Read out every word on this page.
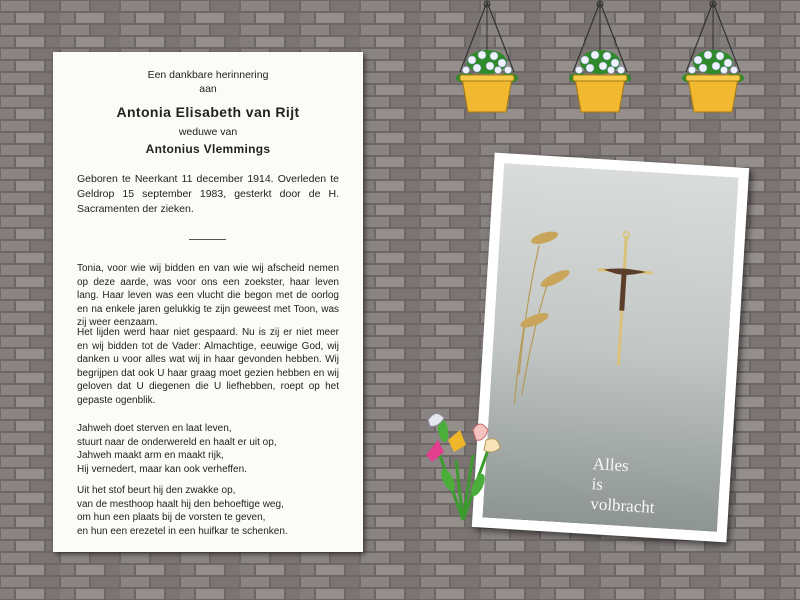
Een dankbare herinnering
aan
Antonia Elisabeth van Rijt
weduwe van
Antonius Vlemmings
Geboren te Neerkant 11 december 1914. Overleden te Geldrop 15 september 1983, gesterkt door de H. Sacramenten der zieken.
Tonia, voor wie wij bidden en van wie wij afscheid nemen op deze aarde, was voor ons een zoekster, haar leven lang. Haar leven was een vlucht die begon met de oorlog en na enkele jaren gelukkig te zijn geweest met Toon, was zij weer eenzaam.
Het lijden werd haar niet gespaard. Nu is zij er niet meer en wij bidden tot de Vader: Almachtige, eeuwige God, wij danken u voor alles wat wij in haar gevonden hebben. Wij begrijpen dat ook U haar graag moet gezien hebben en wij geloven dat U diegenen die U liefhebben, roept op het gepaste ogenblik.
Jahweh doet sterven en laat leven,
stuurt naar de onderwereld en haalt er uit op,
Jahweh maakt arm en maakt rijk,
Hij vernedert, maar kan ook verheffen.
Uit het stof beurt hij den zwakke op,
van de mesthoop haalt hij den behoeftige weg,
om hun een plaats bij de vorsten te geven,
en hun een erezetel in een huifkar te schenken.
Alles
is
volbracht
